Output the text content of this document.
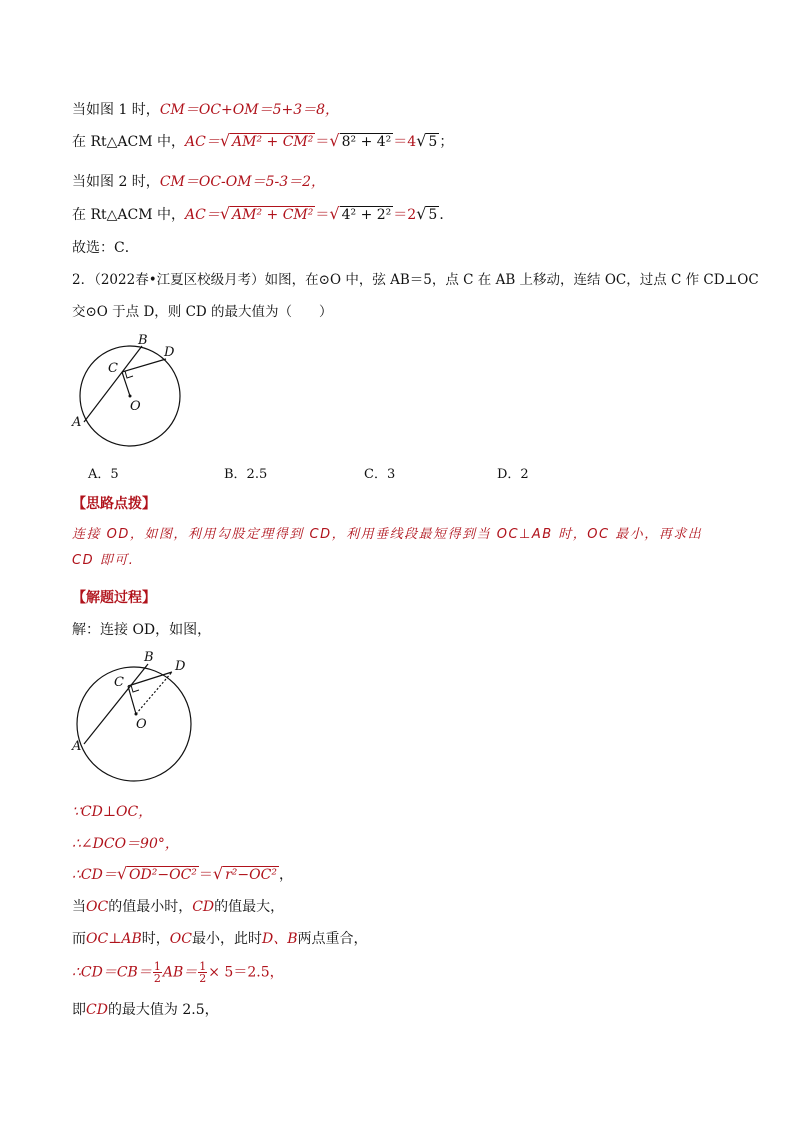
当如图 1 时，CM＝OC+OM＝5+3＝8，
在 Rt△ACM 中，AC＝√ AM² + CM² ＝√ 8² + 4² ＝4√ 5 ；
当如图 2 时，CM＝OC-OM＝5-3＝2，
在 Rt△ACM 中，AC＝√ AM² + CM² ＝√ 4² + 2² ＝2√ 5 ．
故选：C．
2．（2022春•江夏区校级月考）如图，在⊙O 中，弦 AB＝5，点 C 在 AB 上移动，连结 OC，过点 C 作 CD⊥OC
交⊙O 于点 D，则 CD 的最大值为（　　）
A
B
C
D
O
A．5	B．2.5	C．3	D．2
【思路点拨】
连接 OD，如图，利用勾股定理得到 CD，利用垂线段最短得到当 OC⊥AB 时，OC 最小，再求出 CD 即可.
【解题过程】
解：连接 OD，如图，
A
B
C
D
O
∵CD⊥OC，
∴∠DCO＝90°，
∴CD＝√ OD²−OC² ＝√ r²−OC² ，
当OC的值最小时，CD的值最大，
而OC⊥AB时，OC最小，此时D、B两点重合，
∴CD＝CB＝ $\frac{1}{2} AB= \frac{1}{2} \times 5=2.5$，
即CD的最大值为 2.5，
